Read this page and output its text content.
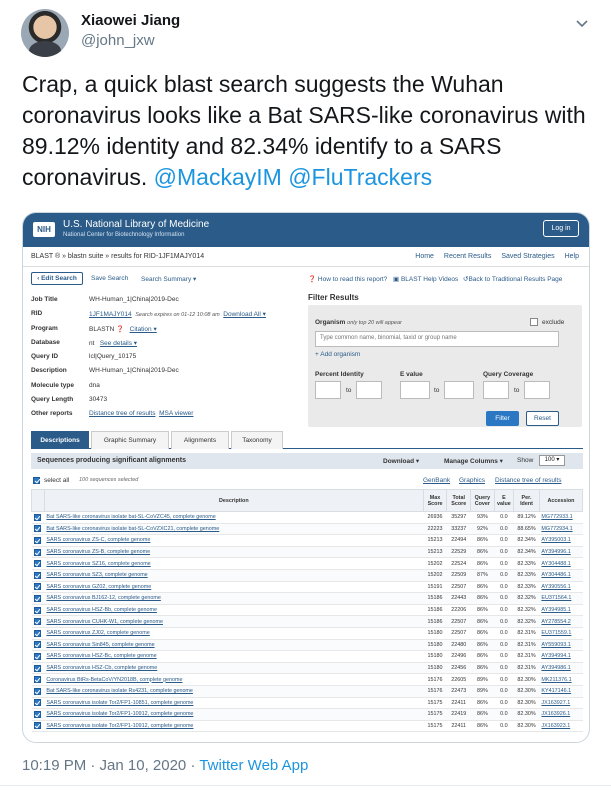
Xiaowei Jiang
@john_jxw
Crap, a quick blast search suggests the Wuhan coronavirus looks like a Bat SARS-like coronavirus with 89.12% identity and 82.34% identify to a SARS coronavirus. @MackayIM @FluTrackers
NIH	U.S. National Library of Medicine
National Center for Biotechnology Information
Log in
BLAST ® » blastn suite » results for RID-1JF1MAJY014	Home Recent Results Saved Strategies Help
‹ Edit Search	Save Search Search Summary ▾	❓ How to read this report? ▣ BLAST Help Videos ↺Back to Traditional Results Page
Job Title	WH-Human_1|China|2019-Dec
RID	1JF1MAJY014 Search expires on 01-12 10:08 am Download All ▾
Program	BLASTN ❓ Citation ▾
Database	nt See details ▾
Query ID	lcl|Query_10175
Description	WH-Human_1|China|2019-Dec
Molecule type dna
Query Length 30473
Other reports	Distance tree of results MSA viewer
Filter Results
Organism only top 20 will appear	exclude
Type common name, binomial, taxid or group name
+ Add organism
Percent Identity	E value	Query Coverage
to	to	to
Filter	Reset
Descriptions	Graphic Summary	Alignments	Taxonomy
Sequences producing significant alignments	Download ▾	Manage Columns ▾ Show	100 ▾
select all 100 sequences selected	GenBank Graphics Distance tree of results
	Description	Max Score	Total Score	Query Cover	E value	Per. Ident	Accession
	Bat SARS-like coronavirus isolate bat-SL-CoVZC45, complete genome	26936	35297	93%	0.0	89.12%	MG772933.1
	Bat SARS-like coronavirus isolate bat-SL-CoVZXC21, complete genome	22223	33237	92%	0.0	88.65%	MG772934.1
	SARS coronavirus ZS-C, complete genome	15213	22494	86%	0.0	82.34%	AY395003.1
	SARS coronavirus ZS-B, complete genome	15213	22529	86%	0.0	82.34%	AY394996.1
	SARS coronavirus SZ16, complete genome	15202	22524	86%	0.0	82.33%	AY304488.1
	SARS coronavirus SZ3, complete genome	15202	22509	87%	0.0	82.33%	AY304486.1
	SARS coronavirus GZ02, complete genome	15191	22507	86%	0.0	82.33%	AY390556.1
	SARS coronavirus BJ162-12, complete genome	15186	22443	86%	0.0	82.32%	EU371564.1
	SARS coronavirus HSZ-Bb, complete genome	15186	22206	86%	0.0	82.32%	AY394985.1
	SARS coronavirus CUHK-W1, complete genome	15186	22507	86%	0.0	82.32%	AY278554.2
	SARS coronavirus ZJ02, complete genome	15180	22507	86%	0.0	82.31%	EU371559.1
	SARS coronavirus Sin845, complete genome	15180	22480	86%	0.0	82.31%	AY559093.1
	SARS coronavirus HSZ-Bc, complete genome	15180	22496	86%	0.0	82.31%	AY394994.1
	SARS coronavirus HSZ-Cb, complete genome	15180	22456	86%	0.0	82.31%	AY394986.1
	Coronavirus BtRs-BetaCoV/YN2018B, complete genome	15176	22605	89%	0.0	82.30%	MK211376.1
	Bat SARS-like coronavirus isolate Rs4231, complete genome	15176	22473	89%	0.0	82.30%	KY417146.1
	SARS coronavirus isolate Tor2/FP1-10851, complete genome	15175	22411	86%	0.0	82.30%	JX163927.1
	SARS coronavirus isolate Tor2/FP1-10912, complete genome	15175	22419	86%	0.0	82.30%	JX163926.1
	SARS coronavirus isolate Tor2/FP1-10912, complete genome	15175	22411	86%	0.0	82.30%	JX163923.1
10:19 PM · Jan 10, 2020 · Twitter Web App
